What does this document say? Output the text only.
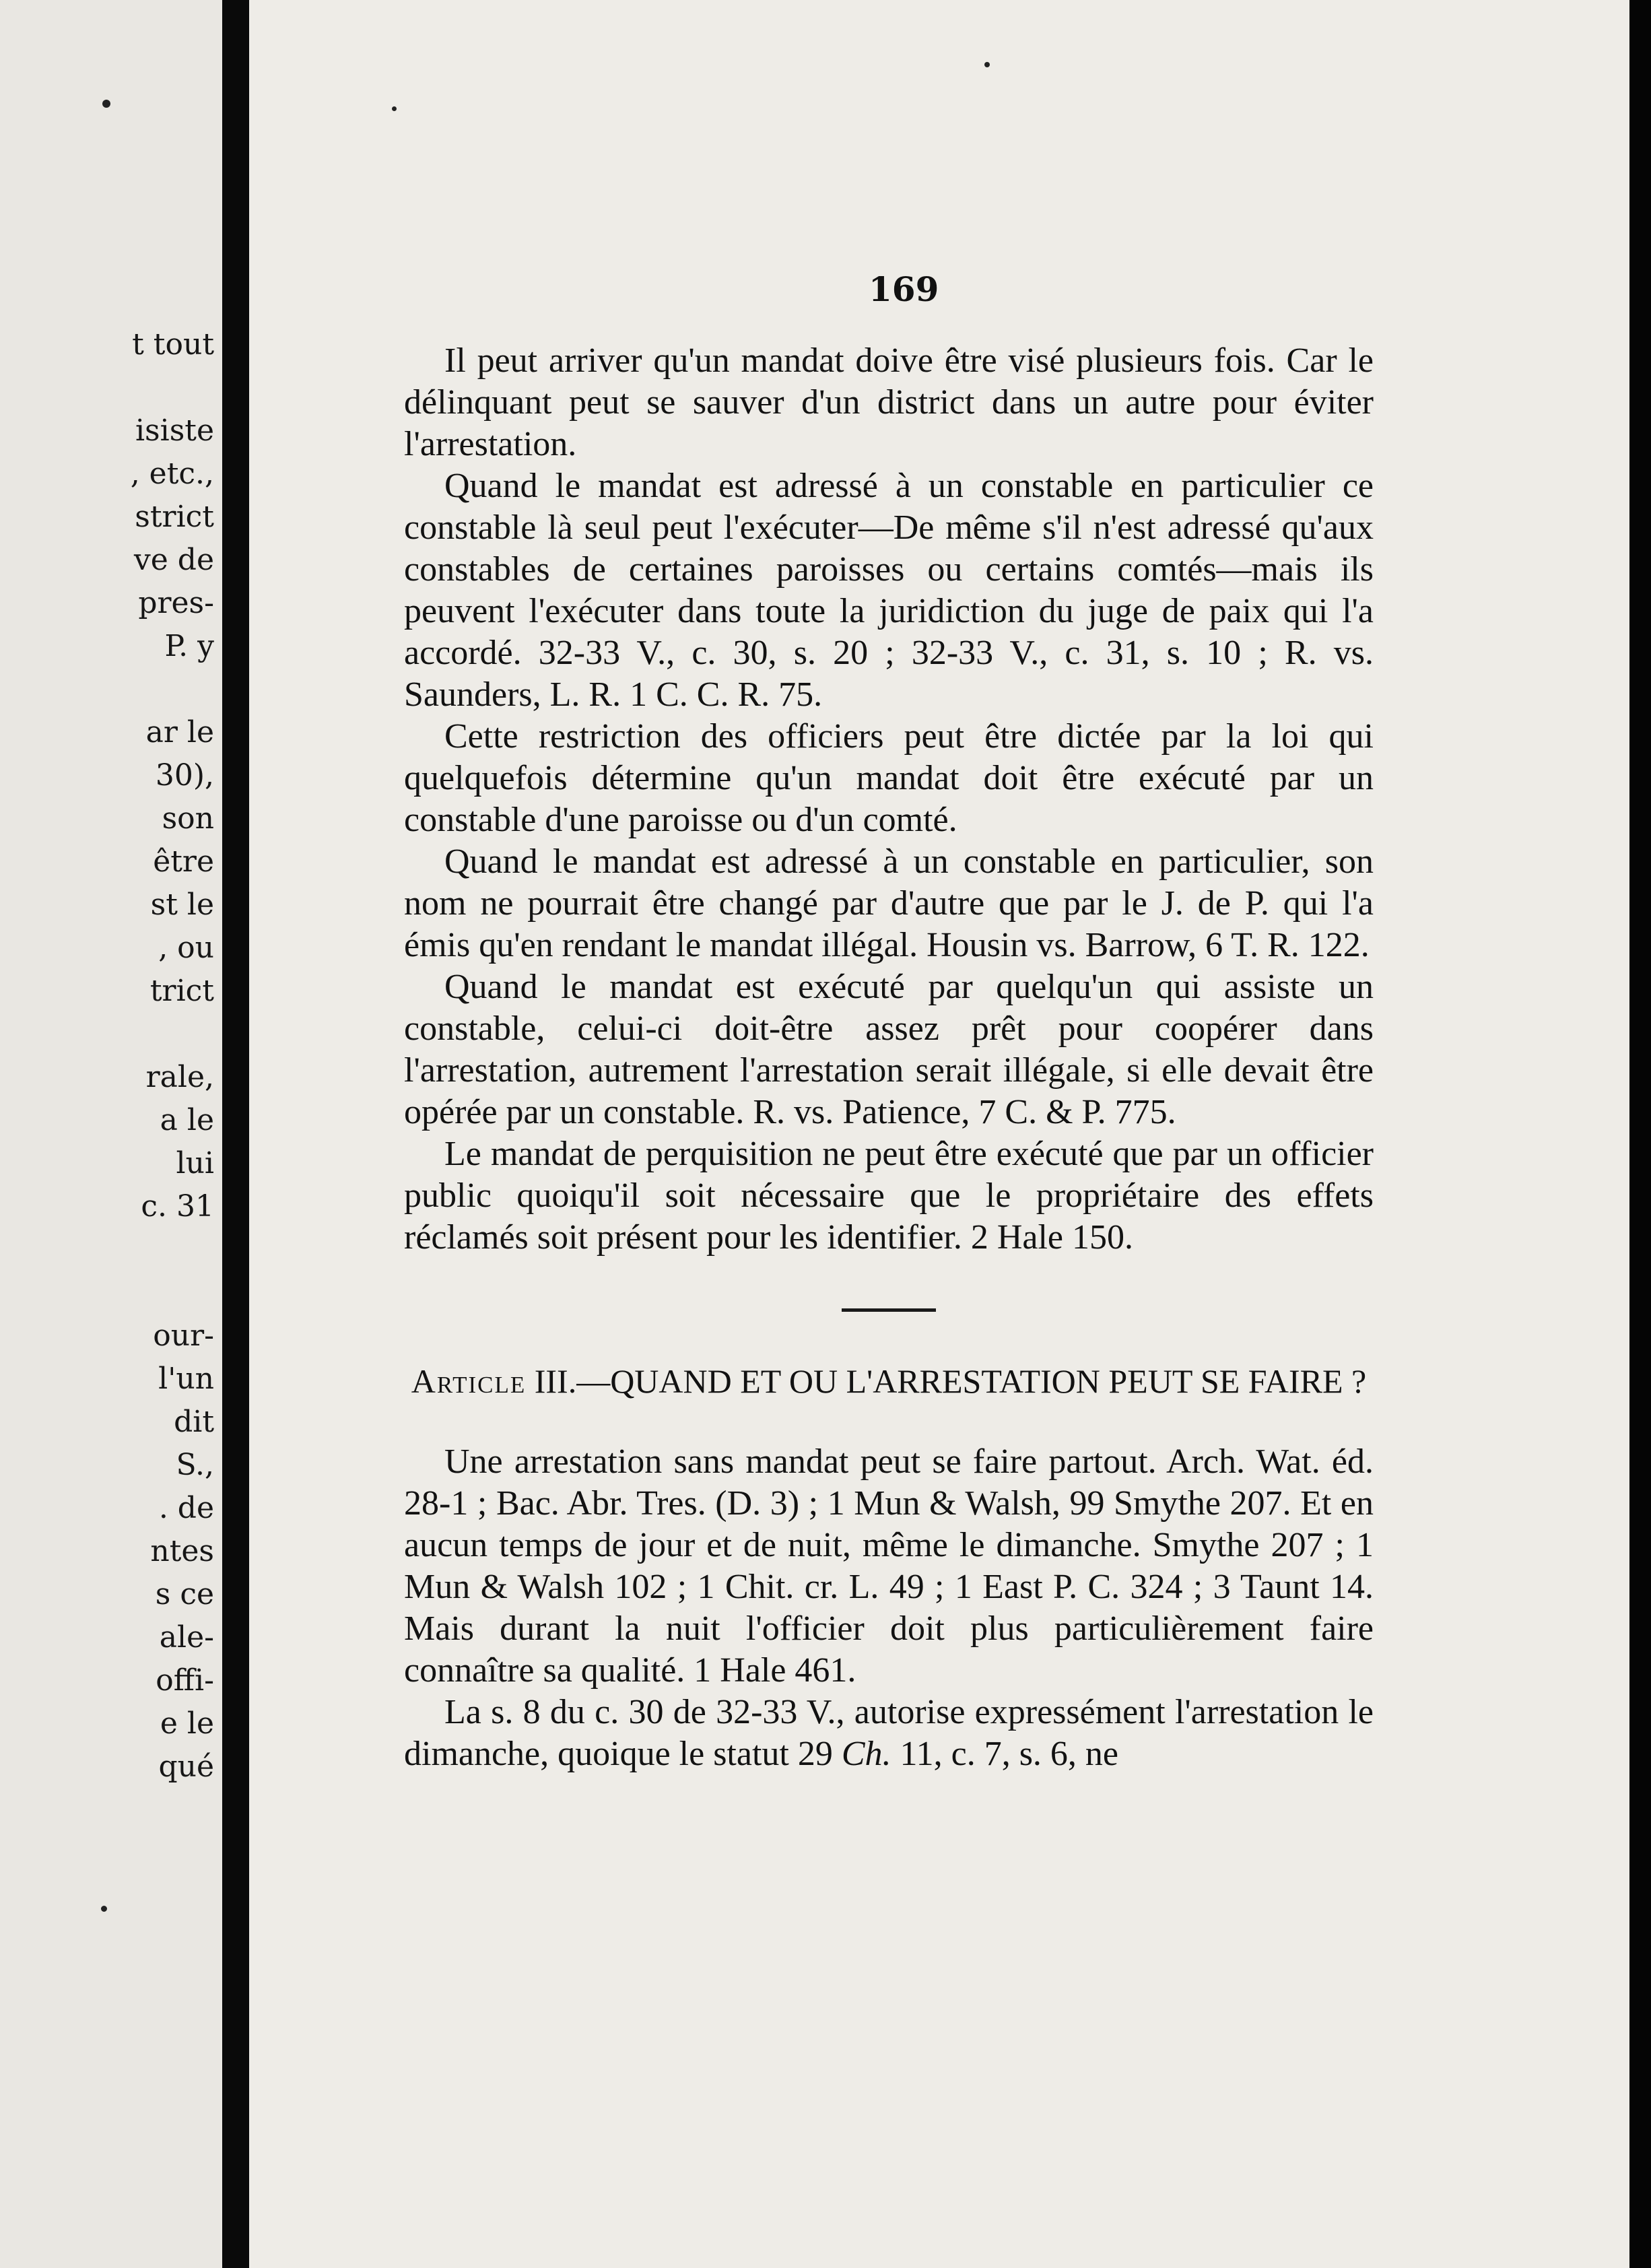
t tout
isiste
, etc.,
strict
ve de
pres-
P. y
ar le
30),
son
être
st le
, ou
trict
rale,
a le
lui
c. 31
our-
l'un
dit
S.,
. de
ntes
s ce
ale-
offi-
e le
qué
169

Il peut arriver qu'un mandat doive être visé plusieurs fois. Car le délinquant peut se sauver d'un district dans un autre pour éviter l'arrestation.

Quand le mandat est adressé à un constable en particulier ce constable là seul peut l'exécuter—De même s'il n'est adressé qu'aux constables de certaines paroisses ou certains comtés—mais ils peuvent l'exécuter dans toute la juridiction du juge de paix qui l'a accordé. 32-33 V., c. 30, s. 20 ; 32-33 V., c. 31, s. 10 ; R. vs. Saunders, L. R. 1 C. C. R. 75.

Cette restriction des officiers peut être dictée par la loi qui quelquefois détermine qu'un mandat doit être exécuté par un constable d'une paroisse ou d'un comté.

Quand le mandat est adressé à un constable en particulier, son nom ne pourrait être changé par d'autre que par le J. de P. qui l'a émis qu'en rendant le mandat illégal. Housin vs. Barrow, 6 T. R. 122.

Quand le mandat est exécuté par quelqu'un qui assiste un constable, celui-ci doit-être assez prêt pour coopérer dans l'arrestation, autrement l'arrestation serait illégale, si elle devait être opérée par un constable. R. vs. Patience, 7 C. & P. 775.

Le mandat de perquisition ne peut être exécuté que par un officier public quoiqu'il soit nécessaire que le propriétaire des effets réclamés soit présent pour les identifier. 2 Hale 150.

Article III.—QUAND ET OU L'ARRESTATION PEUT SE FAIRE ?

Une arrestation sans mandat peut se faire partout. Arch. Wat. éd. 28-1 ; Bac. Abr. Tres. (D. 3) ; 1 Mun & Walsh, 99 Smythe 207. Et en aucun temps de jour et de nuit, même le dimanche. Smythe 207 ; 1 Mun & Walsh 102 ; 1 Chit. cr. L. 49 ; 1 East P. C. 324 ; 3 Taunt 14. Mais durant la nuit l'officier doit plus particulièrement faire connaître sa qualité. 1 Hale 461.

La s. 8 du c. 30 de 32-33 V., autorise expressément l'arrestation le dimanche, quoique le statut 29 Ch. 11, c. 7, s. 6, ne
